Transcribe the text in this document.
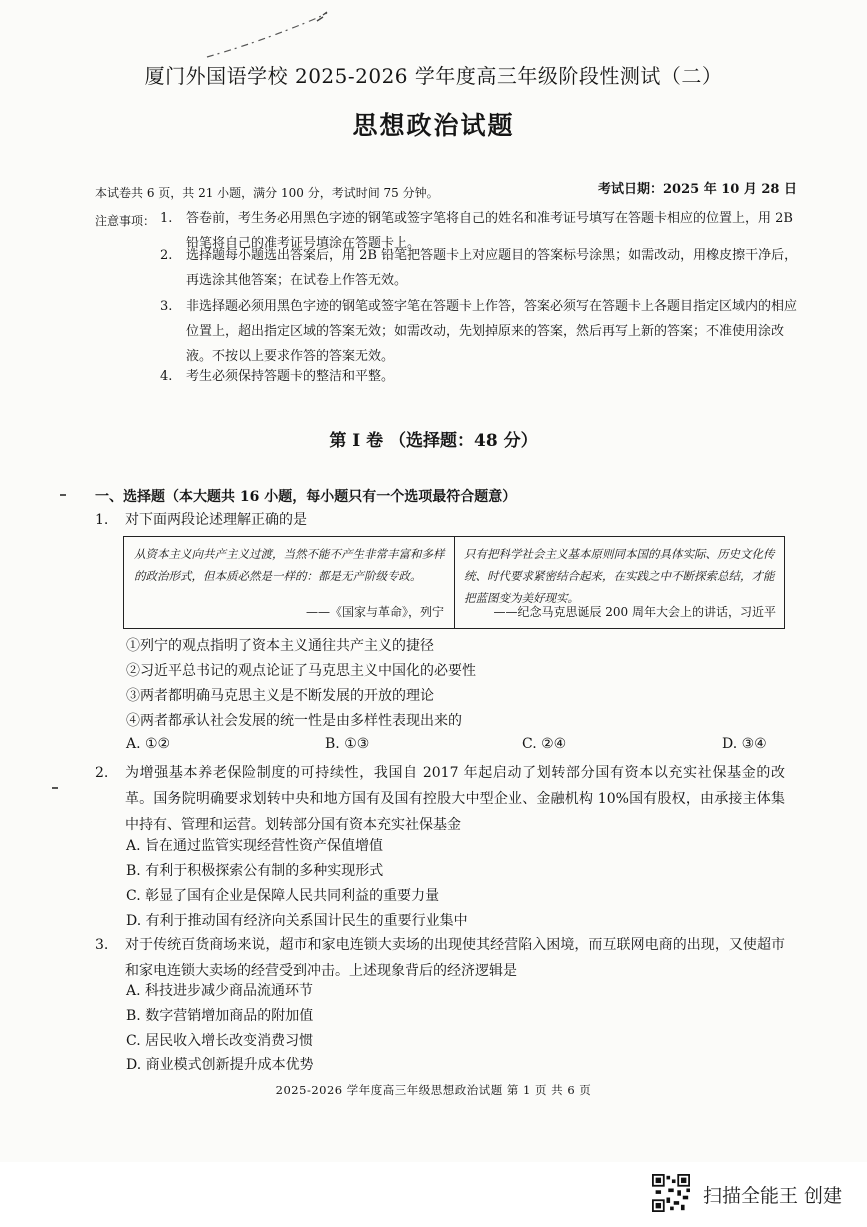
厦门外国语学校 2025-2026 学年度高三年级阶段性测试（二）
思想政治试题
考试日期：2025 年 10 月 28 日
本试卷共 6 页，共 21 小题，满分 100 分，考试时间 75 分钟。
注意事项： 1. 答卷前，考生务必用黑色字迹的钢笔或签字笔将自己的姓名和准考证号填写在答题卡相应的位置上，用 2B 铅笔将自己的准考证号填涂在答题卡上。
2. 选择题每小题选出答案后，用 2B 铅笔把答题卡上对应题目的答案标号涂黑；如需改动，用橡皮擦干净后，再选涂其他答案；在试卷上作答无效。
3. 非选择题必须用黑色字迹的钢笔或签字笔在答题卡上作答，答案必须写在答题卡上各题目指定区域内的相应位置上，超出指定区域的答案无效；如需改动，先划掉原来的答案，然后再写上新的答案；不准使用涂改液。不按以上要求作答的答案无效。
4. 考生必须保持答题卡的整洁和平整。
第 I 卷 （选择题：48 分）
一、选择题（本大题共 16 小题，每小题只有一个选项最符合题意）
1. 对下面两段论述理解正确的是
从资本主义向共产主义过渡，当然不能不产生非常丰富和多样的政治形式，但本质必然是一样的：都是无产阶级专政。
——《国家与革命》，列宁
只有把科学社会主义基本原则同本国的具体实际、历史文化传统、时代要求紧密结合起来，在实践之中不断探索总结，才能把蓝图变为美好现实。
——纪念马克思诞辰 200 周年大会上的讲话，习近平
①列宁的观点指明了资本主义通往共产主义的捷径
②习近平总书记的观点论证了马克思主义中国化的必要性
③两者都明确马克思主义是不断发展的开放的理论
④两者都承认社会发展的统一性是由多样性表现出来的
A. ①②	B. ①③	C. ②④	D. ③④
2. 为增强基本养老保险制度的可持续性，我国自 2017 年起启动了划转部分国有资本以充实社保基金的改革。国务院明确要求划转中央和地方国有及国有控股大中型企业、金融机构 10%国有股权，由承接主体集中持有、管理和运营。划转部分国有资本充实社保基金
A. 旨在通过监管实现经营性资产保值增值
B. 有利于积极探索公有制的多种实现形式
C. 彰显了国有企业是保障人民共同利益的重要力量
D. 有利于推动国有经济向关系国计民生的重要行业集中
3. 对于传统百货商场来说，超市和家电连锁大卖场的出现使其经营陷入困境，而互联网电商的出现，又使超市和家电连锁大卖场的经营受到冲击。上述现象背后的经济逻辑是
A. 科技进步减少商品流通环节
B. 数字营销增加商品的附加值
C. 居民收入增长改变消费习惯
D. 商业模式创新提升成本优势
2025-2026 学年度高三年级思想政治试题 第 1 页 共 6 页
扫描全能王 创建
